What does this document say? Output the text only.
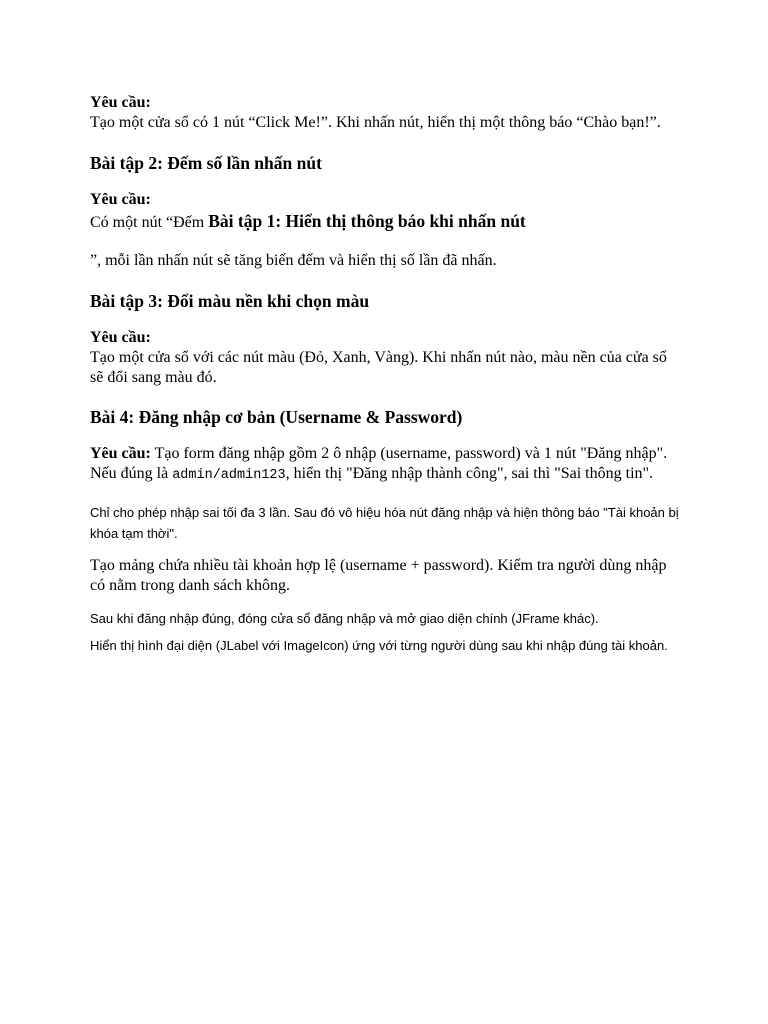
Yêu cầu:
Tạo một cửa sổ có 1 nút “Click Me!”. Khi nhấn nút, hiển thị một thông báo “Chào bạn!”.

Bài tập 2: Đếm số lần nhấn nút

Yêu cầu:
Có một nút “Đếm Bài tập 1: Hiển thị thông báo khi nhấn nút

”, mỗi lần nhấn nút sẽ tăng biến đếm và hiển thị số lần đã nhấn.

Bài tập 3: Đổi màu nền khi chọn màu

Yêu cầu:
Tạo một cửa sổ với các nút màu (Đỏ, Xanh, Vàng). Khi nhấn nút nào, màu nền của cửa sổ sẽ đổi sang màu đó.

Bài 4: Đăng nhập cơ bản (Username & Password)

Yêu cầu: Tạo form đăng nhập gồm 2 ô nhập (username, password) và 1 nút "Đăng nhập". Nếu đúng là admin/admin123, hiển thị "Đăng nhập thành công", sai thì "Sai thông tin".

Chỉ cho phép nhập sai tối đa 3 lần. Sau đó vô hiệu hóa nút đăng nhập và hiện thông báo "Tài khoản bị khóa tạm thời".

Tạo mảng chứa nhiều tài khoản hợp lệ (username + password). Kiểm tra người dùng nhập có nằm trong danh sách không.

Sau khi đăng nhập đúng, đóng cửa sổ đăng nhập và mở giao diện chính (JFrame khác).

Hiển thị hình đại diện (JLabel với ImageIcon) ứng với từng người dùng sau khi nhập đúng tài khoản.
